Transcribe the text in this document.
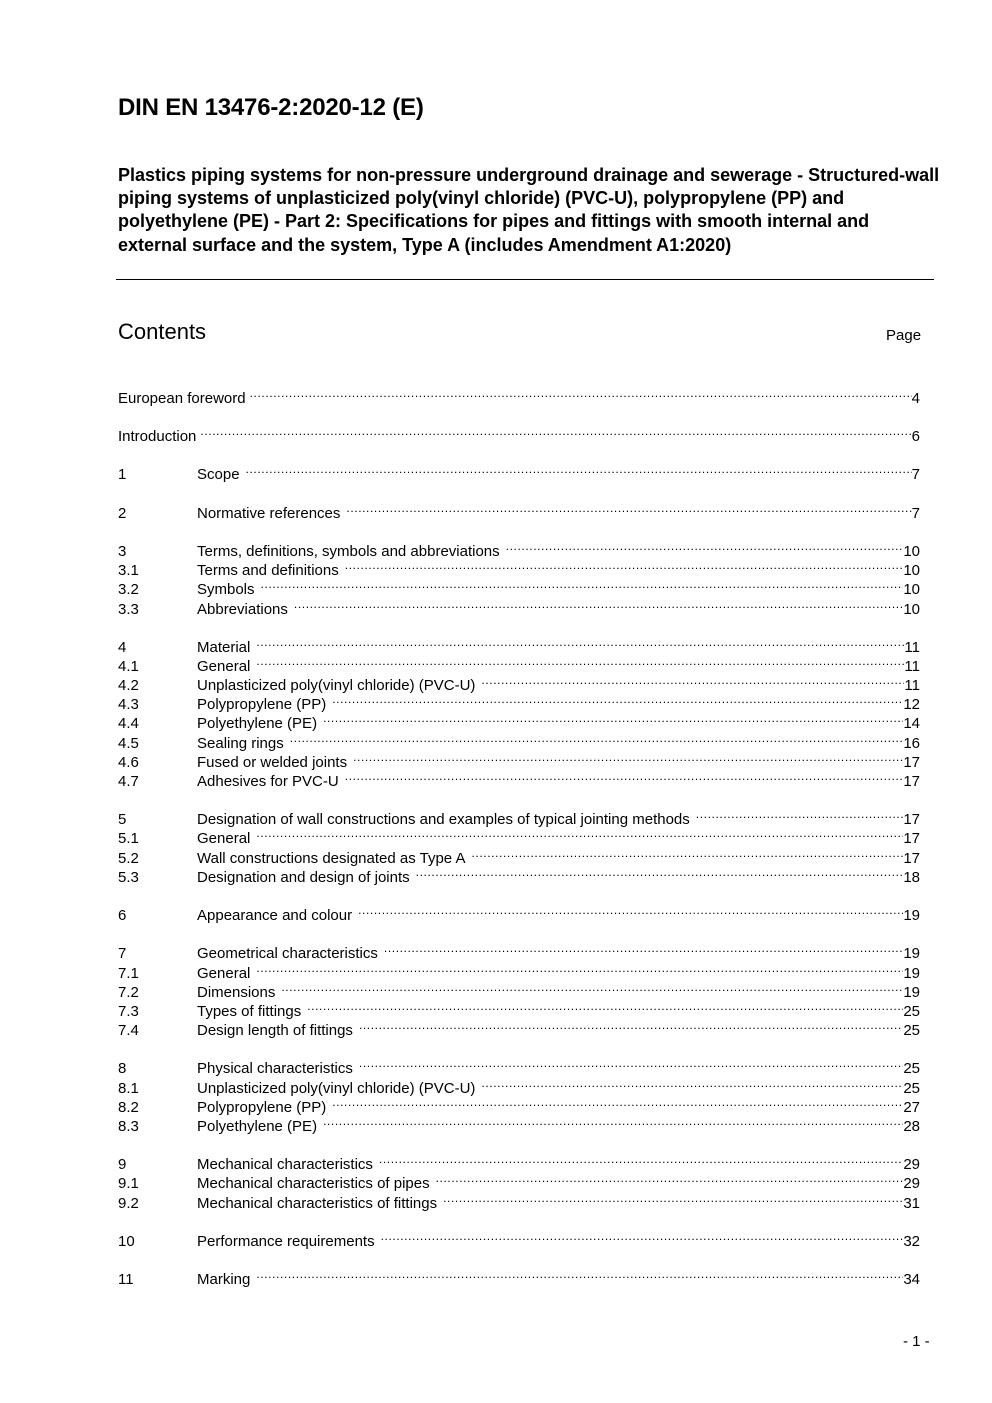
DIN EN 13476-2:2020-12 (E)
Plastics piping systems for non-pressure underground drainage and sewerage - Structured-wall piping systems of unplasticized poly(vinyl chloride) (PVC-U), polypropylene (PP) and polyethylene (PE) - Part 2: Specifications for pipes and fittings with smooth internal and external surface and the system, Type A (includes Amendment A1:2020)
Contents	Page
European foreword .....	4
Introduction .....	6
1	Scope .....	7
2	Normative references .....	7
3	Terms, definitions, symbols and abbreviations .....	10
3.1	Terms and definitions .....	10
3.2	Symbols .....	10
3.3	Abbreviations .....	10
4	Material .....	11
4.1	General .....	11
4.2	Unplasticized poly(vinyl chloride) (PVC-U) .....	11
4.3	Polypropylene (PP) .....	12
4.4	Polyethylene (PE) .....	14
4.5	Sealing rings .....	16
4.6	Fused or welded joints .....	17
4.7	Adhesives for PVC-U .....	17
5	Designation of wall constructions and examples of typical jointing methods .....	17
5.1	General .....	17
5.2	Wall constructions designated as Type A .....	17
5.3	Designation and design of joints .....	18
6	Appearance and colour .....	19
7	Geometrical characteristics .....	19
7.1	General .....	19
7.2	Dimensions .....	19
7.3	Types of fittings .....	25
7.4	Design length of fittings .....	25
8	Physical characteristics .....	25
8.1	Unplasticized poly(vinyl chloride) (PVC-U) .....	25
8.2	Polypropylene (PP) .....	27
8.3	Polyethylene (PE) .....	28
9	Mechanical characteristics .....	29
9.1	Mechanical characteristics of pipes .....	29
9.2	Mechanical characteristics of fittings .....	31
10	Performance requirements .....	32
11	Marking .....	34
- 1 -
